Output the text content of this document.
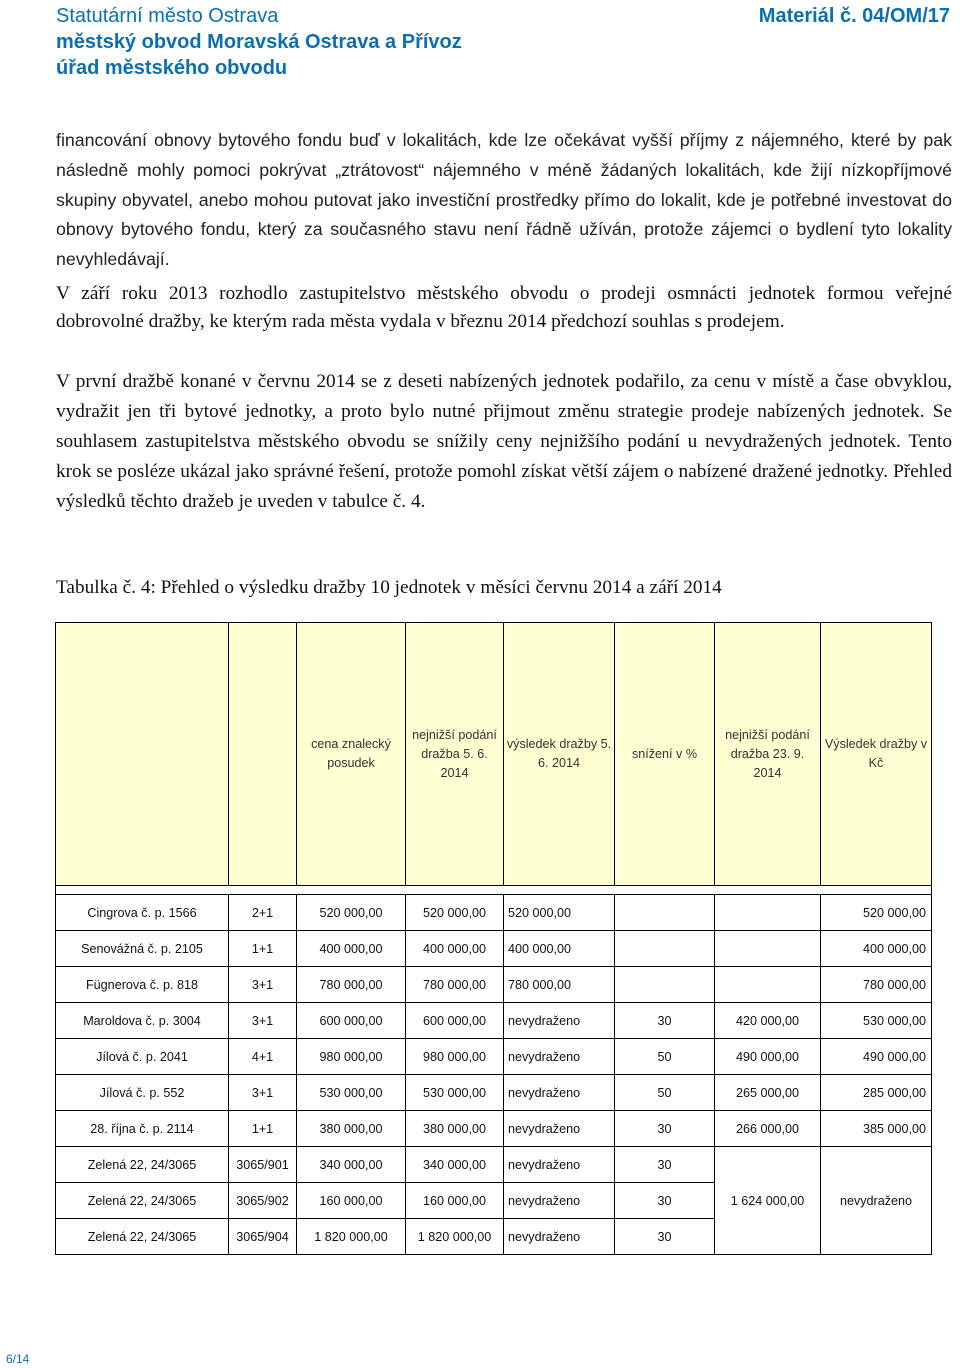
Statutární město Ostrava
městský obvod Moravská Ostrava a Přívoz
úřad městského obvodu
Materiál č. 04/OM/17

financování obnovy bytového fondu buď v lokalitách, kde lze očekávat vyšší příjmy z nájemného, které by pak následně mohly pomoci pokrývat „ztrátovost“ nájemného v méně žádaných lokalitách, kde žijí nízkopříjmové skupiny obyvatel, anebo mohou putovat jako investiční prostředky přímo do lokalit, kde je potřebné investovat do obnovy bytového fondu, který za současného stavu není řádně užíván, protože zájemci o bydlení tyto lokality nevyhledávají.

V září roku 2013 rozhodlo zastupitelstvo městského obvodu o prodeji osmnácti jednotek formou veřejné dobrovolné dražby, ke kterým rada města vydala v březnu 2014 předchozí souhlas s prodejem.

V první dražbě konané v červnu 2014 se z deseti nabízených jednotek podařilo, za cenu v místě a čase obvyklou, vydražit jen tři bytové jednotky, a proto bylo nutné přijmout změnu strategie prodeje nabízených jednotek. Se souhlasem zastupitelstva městského obvodu se snížily ceny nejnižšího podání u nevydražených jednotek. Tento krok se posléze ukázal jako správné řešení, protože pomohl získat větší zájem o nabízené dražené jednotky. Přehled výsledků těchto dražeb je uveden v tabulce č. 4.

Tabulka č. 4: Přehled o výsledku dražby 10 jednotek v měsíci červnu 2014 a září 2014
		cena znalecký posudek	nejnižší podání dražba 5. 6. 2014	výsledek dražby 5. 6. 2014	snížení v %	nejnižší podání dražba 23. 9. 2014	Výsledek dražby v Kč

Cingrova č. p. 1566	2+1	520 000,00	520 000,00	520 000,00			520 000,00
Senovážná č. p. 2105	1+1	400 000,00	400 000,00	400 000,00			400 000,00
Fügnerova č. p. 818	3+1	780 000,00	780 000,00	780 000,00			780 000,00
Maroldova č. p. 3004	3+1	600 000,00	600 000,00	nevydraženo	30	420 000,00	530 000,00
Jílová č. p. 2041	4+1	980 000,00	980 000,00	nevydraženo	50	490 000,00	490 000,00
Jílová č. p. 552	3+1	530 000,00	530 000,00	nevydraženo	50	265 000,00	285 000,00
28. října č. p. 2114	1+1	380 000,00	380 000,00	nevydraženo	30	266 000,00	385 000,00
Zelená 22, 24/3065	3065/901	340 000,00	340 000,00	nevydraženo	30	1 624 000,00	nevydraženo
Zelená 22, 24/3065	3065/902	160 000,00	160 000,00	nevydraženo	30		
Zelená 22, 24/3065	3065/904	1 820 000,00	1 820 000,00	nevydraženo	30		
6/14
